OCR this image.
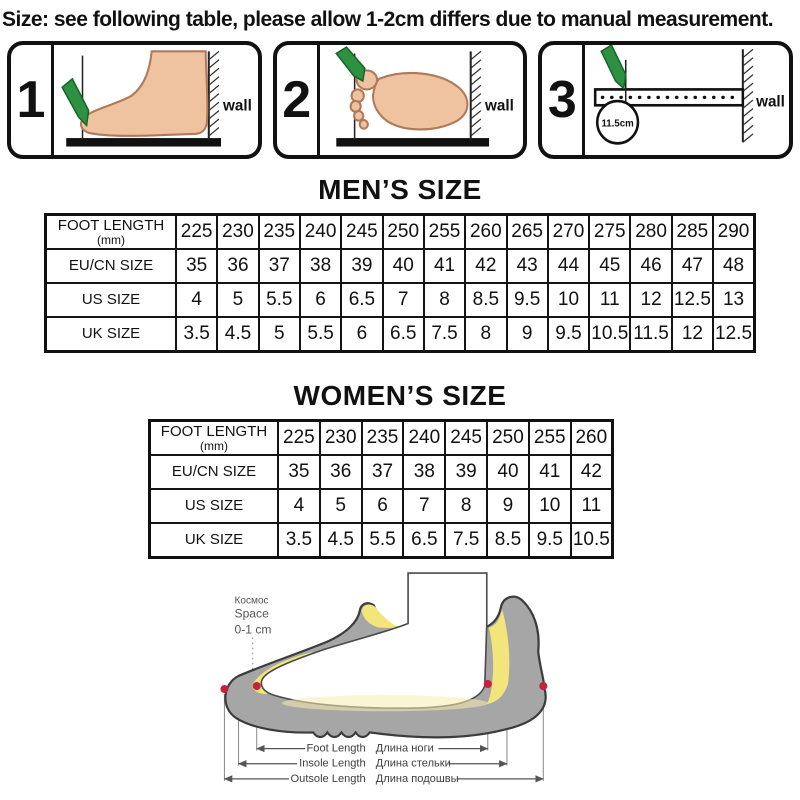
Size: see following table, please allow 1-2cm differs due to manual measurement.
1	wall 2	wall 3	11.5cm
wall
MEN’S SIZE
FOOT LENGTH
(mm)	225	230	235	240	245	250	255	260	265	270	275	280	285	290

EU/CN SIZE	35	36	37	38	39	40	41	42	43	44	45	46	47	48

US SIZE	4	5	5.5	6	6.5	7	8	8.5	9.5	10	11	12	12.5	13

UK SIZE	3.5	4.5	5	5.5	6	6.5	7.5	8	9	9.5	10.5	11.5	12	12.5
WOMEN’S SIZE
FOOT LENGTH
(mm)	225	230	235	240	245	250	255	260

EU/CN SIZE	35	36	37	38	39	40	41	42

US SIZE	4	5	6	7	8	9	10	11

UK SIZE	3.5	4.5	5.5	6.5	7.5	8.5	9.5	10.5
Космос
Space
0-1 cm
Foot Length Длина ноги
Insole Length Длина стельки
Outsole Length Длина подошвы
